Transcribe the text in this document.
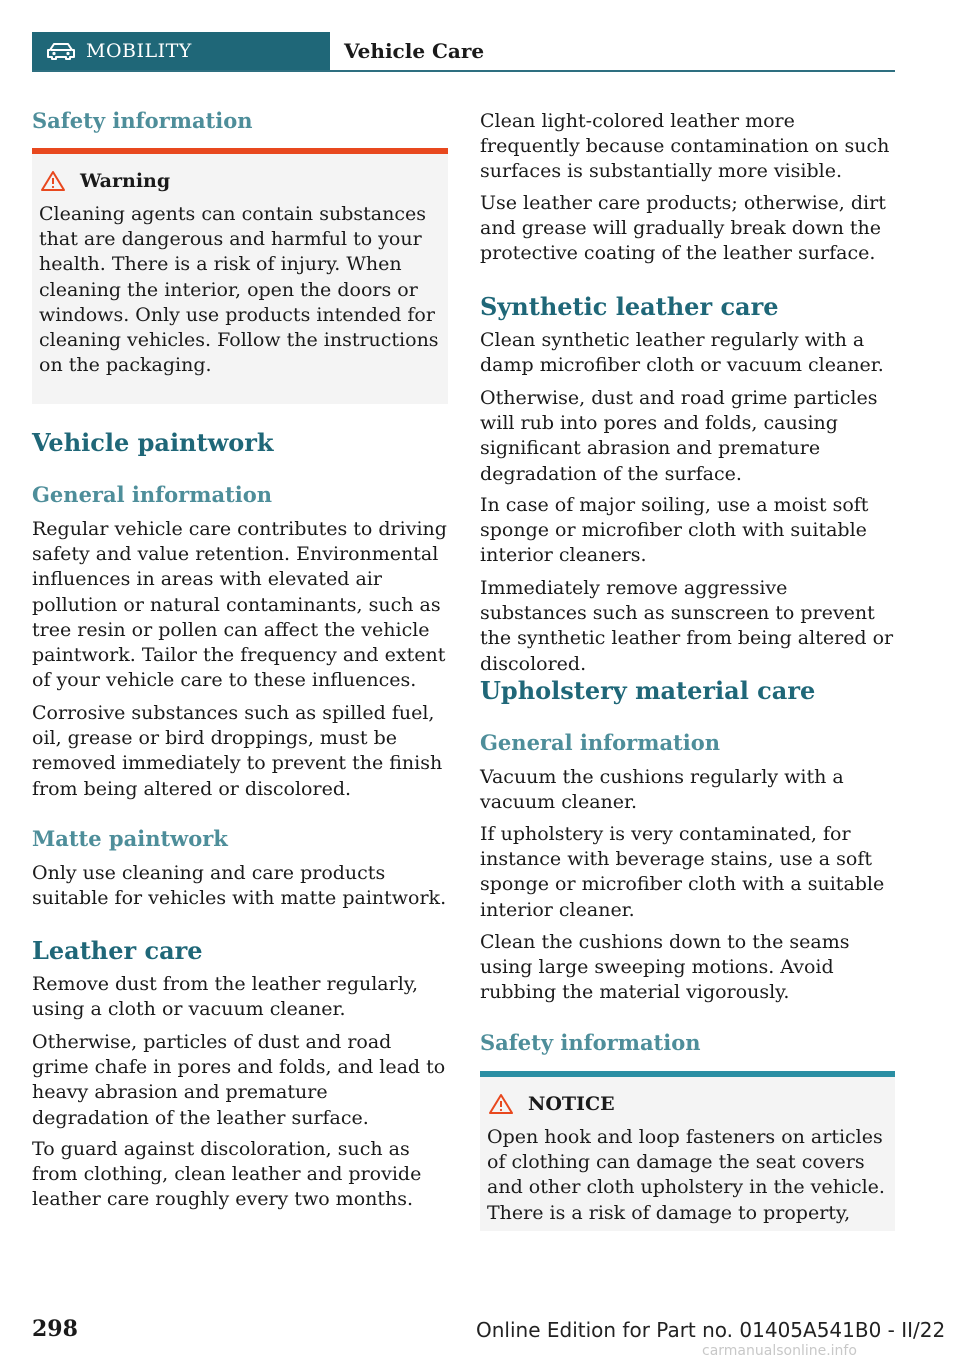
MOBILITY	Vehicle Care
Safety information
Warning

Cleaning agents can contain substances that are dangerous and harmful to your health. There is a risk of injury. When cleaning the interior, open the doors or windows. Only use products intended for cleaning vehicles. Follow the instructions on the packaging.

Vehicle paintwork
General information

Regular vehicle care contributes to driving safety and value retention. Environmental influences in areas with elevated air pollution or natural contaminants, such as tree resin or pollen can affect the vehicle paintwork. Tailor the frequency and extent of your vehicle care to these influences.

Corrosive substances such as spilled fuel, oil, grease or bird droppings, must be removed immediately to prevent the finish from being altered or discolored.

Matte paintwork

Only use cleaning and care products suitable for vehicles with matte paintwork.

Leather care

Remove dust from the leather regularly, using a cloth or vacuum cleaner.

Otherwise, particles of dust and road grime chafe in pores and folds, and lead to heavy abrasion and premature degradation of the leather surface.

To guard against discoloration, such as from clothing, clean leather and provide leather care roughly every two months.

Clean light-colored leather more frequently because contamination on such surfaces is substantially more visible.

Use leather care products; otherwise, dirt and grease will gradually break down the protective coating of the leather surface.

Synthetic leather care

Clean synthetic leather regularly with a damp microfiber cloth or vacuum cleaner.

Otherwise, dust and road grime particles will rub into pores and folds, causing significant abrasion and premature degradation of the surface.

In case of major soiling, use a moist soft sponge or microfiber cloth with suitable interior cleaners.

Immediately remove aggressive substances such as sunscreen to prevent the synthetic leather from being altered or discolored.

Upholstery material care
General information

Vacuum the cushions regularly with a vacuum cleaner.

If upholstery is very contaminated, for instance with beverage stains, use a soft sponge or microfiber cloth with a suitable interior cleaner.

Clean the cushions down to the seams using large sweeping motions. Avoid rubbing the material vigorously.

Safety information
NOTICE

Open hook and loop fasteners on articles of clothing can damage the seat covers and other cloth upholstery in the vehicle. There is a risk of damage to property,

298	Online Edition for Part no. 01405A541B0 - II/22
carmanualsonline.info
